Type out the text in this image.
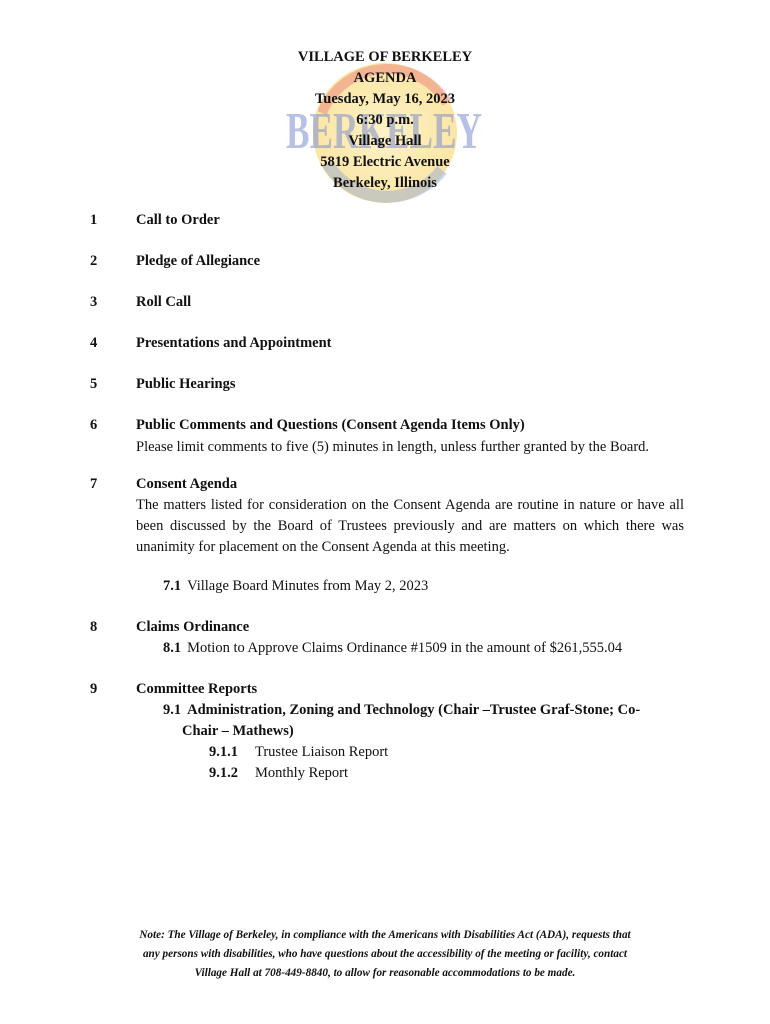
BERKELEY
VILLAGE OF BERKELEY
AGENDA
Tuesday, May 16, 2023
6:30 p.m.
Village Hall
5819 Electric Avenue
Berkeley, Illinois
1	Call to Order
2	Pledge of Allegiance
3	Roll Call
4	Presentations and Appointment
5	Public Hearings
6	Public Comments and Questions (Consent Agenda Items Only)
Please limit comments to five (5) minutes in length, unless further granted by the Board.
7	Consent Agenda
The matters listed for consideration on the Consent Agenda are routine in nature or have all been discussed by the Board of Trustees previously and are matters on which there was unanimity for placement on the Consent Agenda at this meeting.
7.1 Village Board Minutes from May 2, 2023
8	Claims Ordinance
8.1 Motion to Approve Claims Ordinance #1509 in the amount of $261,555.04
9	Committee Reports
9.1 Administration, Zoning and Technology (Chair –Trustee Graf-Stone; Co-
Chair – Mathews)
9.1.1 Trustee Liaison Report
9.1.2 Monthly Report
Note: The Village of Berkeley, in compliance with the Americans with Disabilities Act (ADA), requests that
any persons with disabilities, who have questions about the accessibility of the meeting or facility, contact
Village Hall at 708-449-8840, to allow for reasonable accommodations to be made.
